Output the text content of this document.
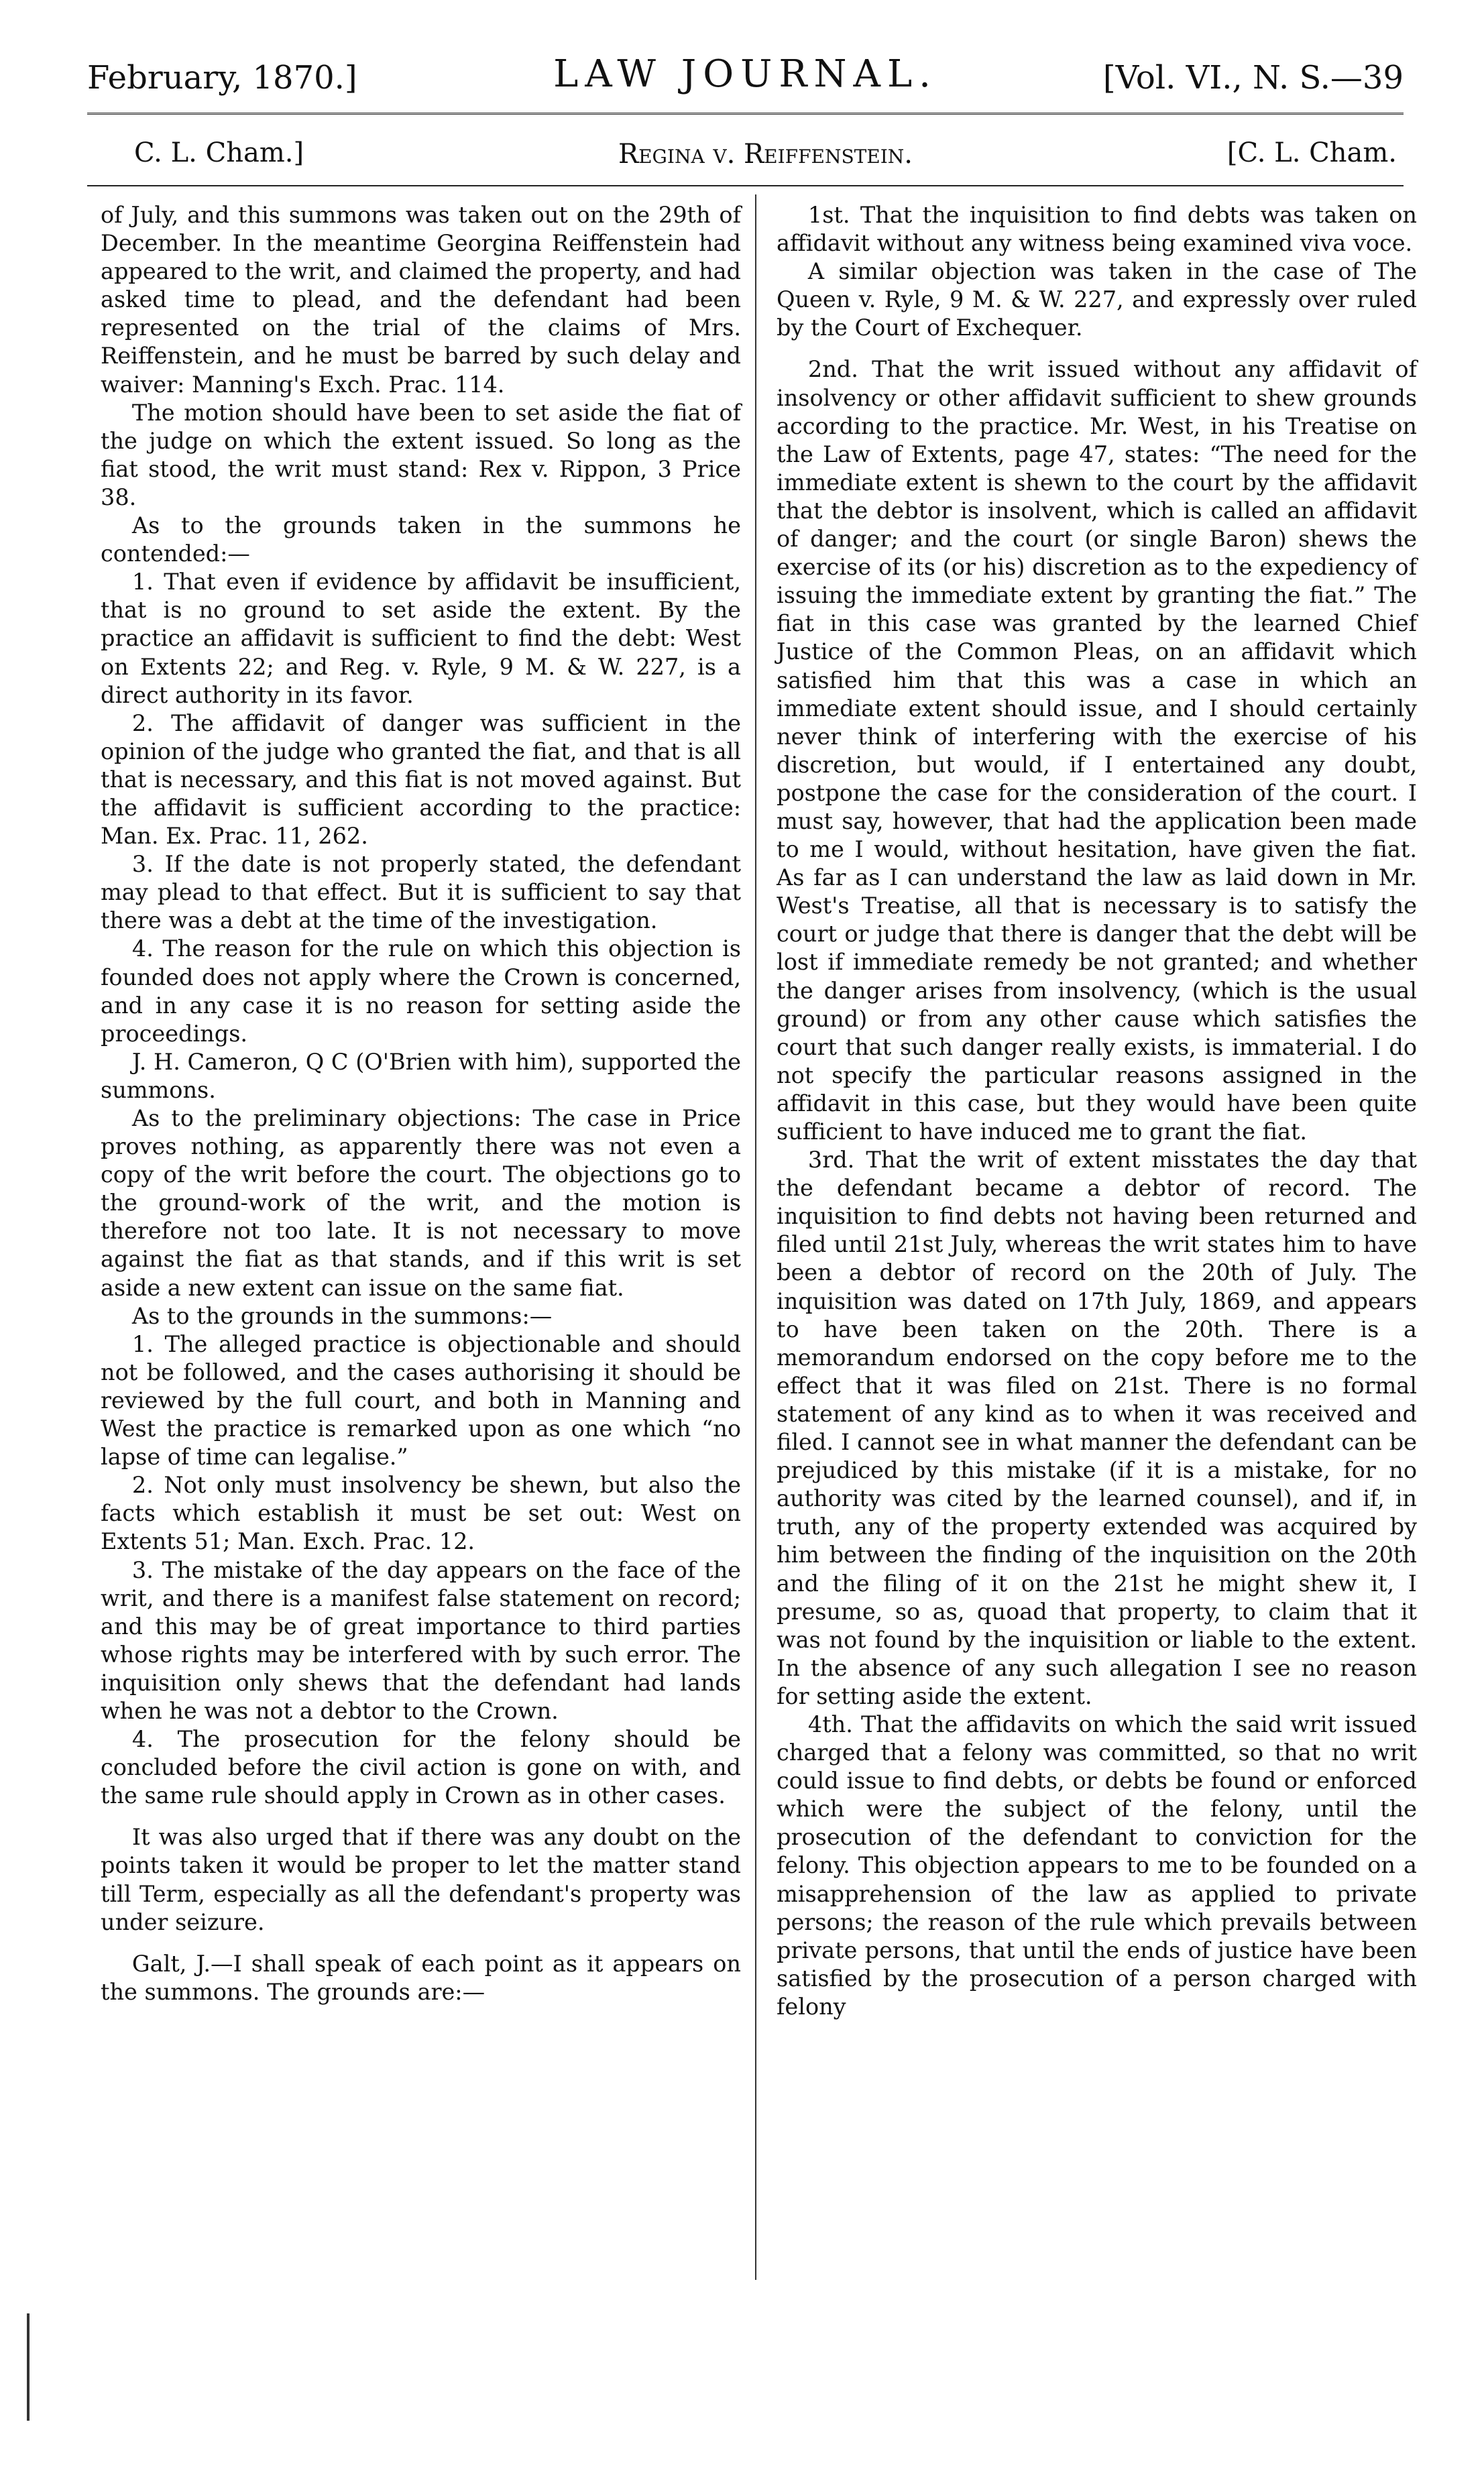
February, 1870.]	LAW JOURNAL.	[Vol. VI., N. S.—39
C. L. Cham.]	Regina v. Reiffenstein.	[C. L. Cham.

of July, and this summons was taken out on the 29th of December. In the meantime Georgina Reiffenstein had appeared to the writ, and claimed the property, and had asked time to plead, and the defendant had been represented on the trial of the claims of Mrs. Reiffenstein, and he must be barred by such delay and waiver: Manning's Exch. Prac. 114.

The motion should have been to set aside the fiat of the judge on which the extent issued. So long as the fiat stood, the writ must stand: Rex v. Rippon, 3 Price 38.

As to the grounds taken in the summons he contended:—

1. That even if evidence by affidavit be insufficient, that is no ground to set aside the extent. By the practice an affidavit is sufficient to find the debt: West on Extents 22; and Reg. v. Ryle, 9 M. & W. 227, is a direct authority in its favor.

2. The affidavit of danger was sufficient in the opinion of the judge who granted the fiat, and that is all that is necessary, and this fiat is not moved against. But the affidavit is sufficient according to the practice: Man. Ex. Prac. 11, 262.

3. If the date is not properly stated, the defendant may plead to that effect. But it is sufficient to say that there was a debt at the time of the investigation.

4. The reason for the rule on which this objection is founded does not apply where the Crown is concerned, and in any case it is no reason for setting aside the proceedings.

J. H. Cameron, Q C (O'Brien with him), supported the summons.

As to the preliminary objections: The case in Price proves nothing, as apparently there was not even a copy of the writ before the court. The objections go to the ground-work of the writ, and the motion is therefore not too late. It is not necessary to move against the fiat as that stands, and if this writ is set aside a new extent can issue on the same fiat.

As to the grounds in the summons:—

1. The alleged practice is objectionable and should not be followed, and the cases authorising it should be reviewed by the full court, and both in Manning and West the practice is remarked upon as one which “no lapse of time can legalise.”

2. Not only must insolvency be shewn, but also the facts which establish it must be set out: West on Extents 51; Man. Exch. Prac. 12.

3. The mistake of the day appears on the face of the writ, and there is a manifest false statement on record; and this may be of great importance to third parties whose rights may be interfered with by such error. The inquisition only shews that the defendant had lands when he was not a debtor to the Crown.

4. The prosecution for the felony should be concluded before the civil action is gone on with, and the same rule should apply in Crown as in other cases.

It was also urged that if there was any doubt on the points taken it would be proper to let the matter stand till Term, especially as all the defendant's property was under seizure.

Galt, J.—I shall speak of each point as it appears on the summons. The grounds are:—

1st. That the inquisition to find debts was taken on affidavit without any witness being examined viva voce.

A similar objection was taken in the case of The Queen v. Ryle, 9 M. & W. 227, and expressly over ruled by the Court of Exchequer.

2nd. That the writ issued without any affidavit of insolvency or other affidavit sufficient to shew grounds according to the practice. Mr. West, in his Treatise on the Law of Extents, page 47, states: “The need for the immediate extent is shewn to the court by the affidavit that the debtor is insolvent, which is called an affidavit of danger; and the court (or single Baron) shews the exercise of its (or his) discretion as to the expediency of issuing the immediate extent by granting the fiat.” The fiat in this case was granted by the learned Chief Justice of the Common Pleas, on an affidavit which satisfied him that this was a case in which an immediate extent should issue, and I should certainly never think of interfering with the exercise of his discretion, but would, if I entertained any doubt, postpone the case for the consideration of the court. I must say, however, that had the application been made to me I would, without hesitation, have given the fiat. As far as I can understand the law as laid down in Mr. West's Treatise, all that is necessary is to satisfy the court or judge that there is danger that the debt will be lost if immediate remedy be not granted; and whether the danger arises from insolvency, (which is the usual ground) or from any other cause which satisfies the court that such danger really exists, is immaterial. I do not specify the particular reasons assigned in the affidavit in this case, but they would have been quite sufficient to have induced me to grant the fiat.

3rd. That the writ of extent misstates the day that the defendant became a debtor of record. The inquisition to find debts not having been returned and filed until 21st July, whereas the writ states him to have been a debtor of record on the 20th of July. The inquisition was dated on 17th July, 1869, and appears to have been taken on the 20th. There is a memorandum endorsed on the copy before me to the effect that it was filed on 21st. There is no formal statement of any kind as to when it was received and filed. I cannot see in what manner the defendant can be prejudiced by this mistake (if it is a mistake, for no authority was cited by the learned counsel), and if, in truth, any of the property extended was acquired by him between the finding of the inquisition on the 20th and the filing of it on the 21st he might shew it, I presume, so as, quoad that property, to claim that it was not found by the inquisition or liable to the extent. In the absence of any such allegation I see no reason for setting aside the extent.

4th. That the affidavits on which the said writ issued charged that a felony was committed, so that no writ could issue to find debts, or debts be found or enforced which were the subject of the felony, until the prosecution of the defendant to conviction for the felony. This objection appears to me to be founded on a misapprehension of the law as applied to private persons; the reason of the rule which prevails between private persons, that until the ends of justice have been satisfied by the prosecution of a person charged with felony
